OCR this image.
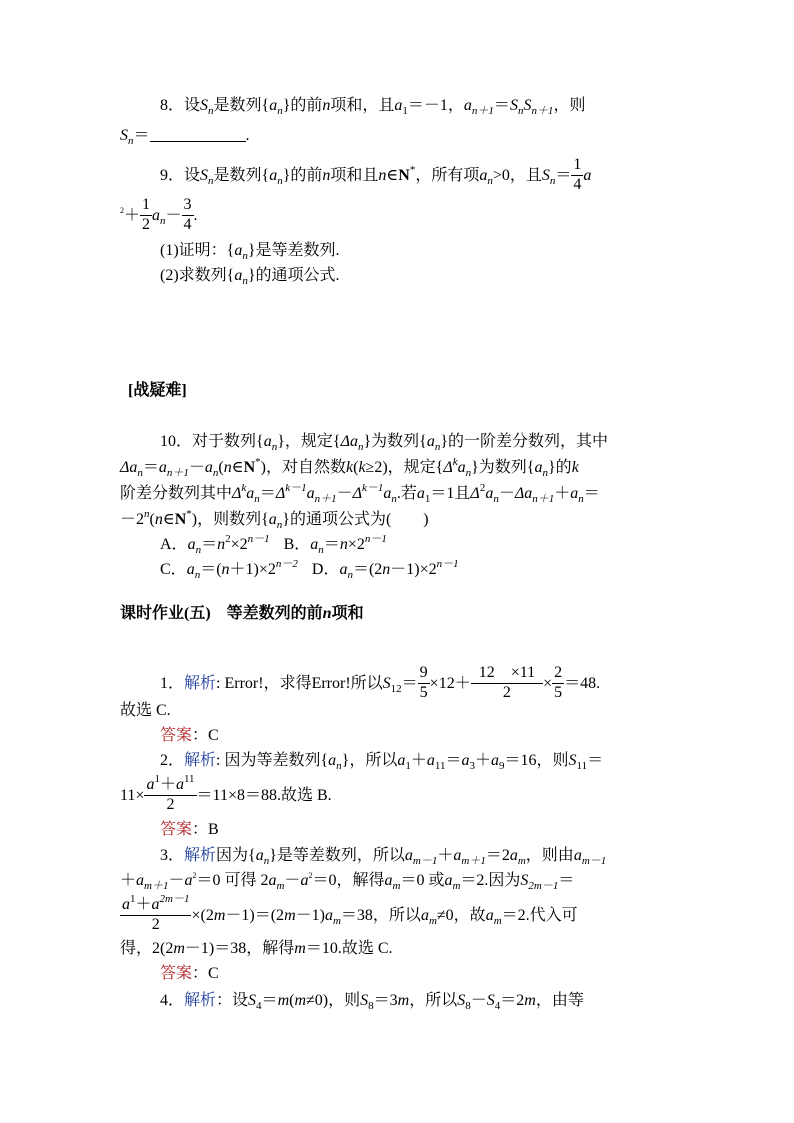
8．设$S_n$是数列$\{a_n\}$的前n项和，且$a_1=-1$，$a_{n+1}=S_nS_{n+1}$，则
$S_n=$	.
9．设$S_n$是数列$\{a_n\}$的前n项和且n∈N*，所有项$a_n>0$，且$S_n= \frac{1}{4}$ a
$^2+ \frac{1}{2} a_n- \frac{3}{4}$ .
(1)证明：$\{a_n\}$是等差数列.
(2)求数列$\{a_n\}$的通项公式.
[战疑难]
10．对于数列$\{a_n\}$，规定$\{\Delta a_n\}$为数列$\{a_n\}$的一阶差分数列，其中
$\Delta a_n=a_{n+1}-a_n(n\in N^*)$，对自然数k(k≥2)，规定$\{\Delta^ka_n\}$为数列$\{a_n\}$的k
阶差分数列其中$\Delta^ka_n=\Delta^{k-1}a_{n+1}-\Delta^{k-1}a_n$.若$a_1=1$且$\Delta^2a_n-\Delta a_{n+1}+a_n=$
$-2^n(n\in N^*)$，则数列$\{a_n\}$的通项公式为(　　)
A．$a_n=n^2\times 2^{n-1}$ B．$a_n=n\times 2^{n-1}$
C．$a_n=(n+1)\times 2^{n-2}$ D．$a_n=(2n-1)\times 2^{n-1}$
课时作业(五)　等差数列的前n项和
1．解析: Error!，求得Error!所以$S_{12}= \frac{9}{5} \times 12+ \frac{12 \times 11}{2} \times \frac{2}{5} =48$.
故选 C.
答案：C
2．解析: 因为等差数列$\{a_n\}$，所以$a_1+a_{11}=a_3+a_9=16$，则$S_{11}=$
$11\times \frac{a^1+a^{11}}{2} =11\times 8=88$.故选 B.
答案：B
3．解析因为$\{a_n\}$是等差数列，所以$a_{m-1}+a_{m+1}=2a_m$，则由$a_{m-1}$
$+a_{m+1}-a^2=0$ 可得 $2a_m-a^2=0$，解得$a_m=0$ 或$a_m=2$.因为$S_{2m-1}=$
$\frac{a^1+a^{2m-1}}{2} \times(2m-1)=(2m-1)a_m=38$，所以$a_m\ne 0$，故$a_m=2$.代入可
得，2(2m－1)＝38，解得m＝10.故选 C.
答案：C
4．解析：设$S_4=m(m\ne 0)$，则$S_8=3m$，所以$S_8-S_4=2m$，由等
